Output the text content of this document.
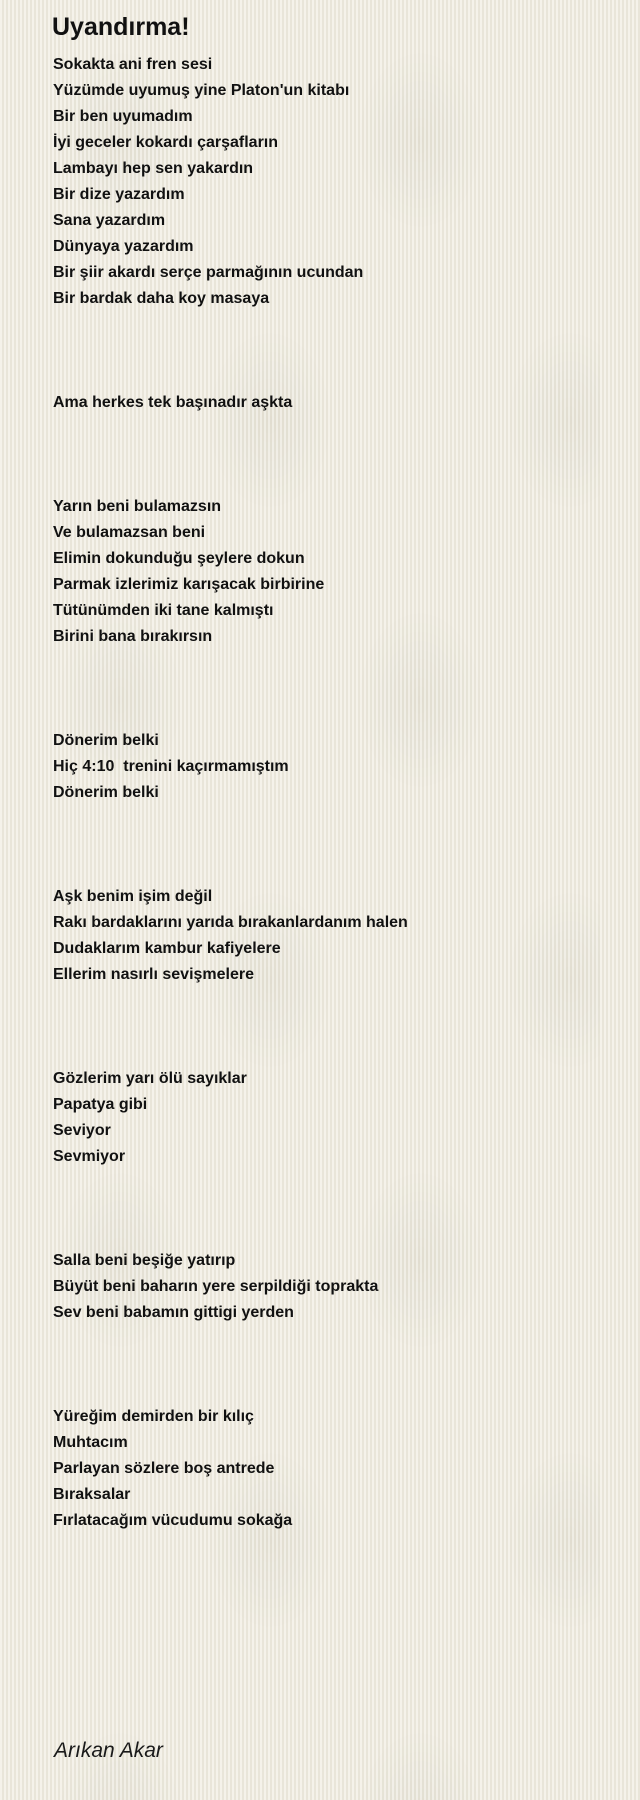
Uyandırma!
Sokakta ani fren sesi
Yüzümde uyumuş yine Platon'un kitabı
Bir ben uyumadım
İyi geceler kokardı çarşafların
Lambayı hep sen yakardın
Bir dize yazardım
Sana yazardım
Dünyaya yazardım
Bir şiir akardı serçe parmağının ucundan
Bir bardak daha koy masaya
Ama herkes tek başınadır aşkta
Yarın beni bulamazsın
Ve bulamazsan beni
Elimin dokunduğu şeylere dokun
Parmak izlerimiz karışacak birbirine
Tütünümden iki tane kalmıştı
Birini bana bırakırsın
Dönerim belki
Hiç 4:10  trenini kaçırmamıştım
Dönerim belki
Aşk benim işim değil
Rakı bardaklarını yarıda bırakanlardanım halen
Dudaklarım kambur kafiyelere
Ellerim nasırlı sevişmelere
Gözlerim yarı ölü sayıklar
Papatya gibi
Seviyor
Sevmiyor
Salla beni beşiğe yatırıp
Büyüt beni baharın yere serpildiği toprakta
Sev beni babamın gittigi yerden
Yüreğim demirden bir kılıç
Muhtacım
Parlayan sözlere boş antrede
Bıraksalar
Fırlatacağım vücudumu sokağa
Arıkan Akar
